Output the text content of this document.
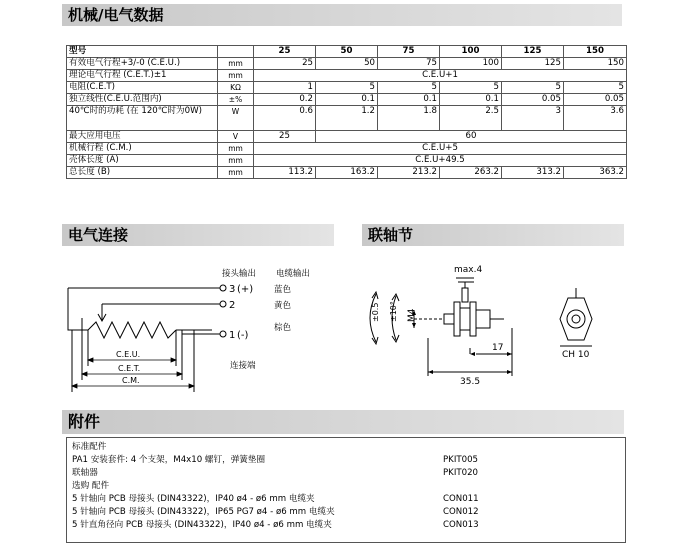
机械/电气数据
型号		25	50	75	100	125	150
有效电气行程+3/-0 (C.E.U.)	mm	25	50	75	100	125	150
理论电气行程 (C.E.T.)±1	mm	C.E.U+1					
电阻(C.E.T)	KΩ	1	5	5	5	5	5
独立线性(C.E.U.范围内)	±%	0.2	0.1	0.1	0.1	0.05	0.05
40℃时的功耗 (在 120℃时为0W)	W	0.6	1.2	1.8	2.5	3	3.6
最大应用电压	V	25	60				
机械行程 (C.M.)	mm	C.E.U+5					
壳体长度 (A)	mm	C.E.U+49.5					
总长度 (B)	mm	113.2	163.2	213.2	263.2	313.2	363.2
电气连接	联轴节
接头输出 电缆输出
3 (+) 蓝色
2	黄色
1 (-)
棕色
连接端
C.E.U.
C.E.T.
C.M.
±0.5 ±10° M4
max.4
17
35.5
CH 10
附件
标准配件
PA1 安装套件: 4 个支架，M4x10 螺钉，弹簧垫圈	PKIT005
联轴器	PKIT020
选购 配件
5 针轴向 PCB 母接头 (DIN43322)，IP40 ø4 - ø6 mm 电缆夹	CON011
5 针轴向 PCB 母接头 (DIN43322)，IP65 PG7 ø4 - ø6 mm 电缆夹	CON012
5 针直角径向 PCB 母接头 (DIN43322)，IP40 ø4 - ø6 mm 电缆夹	CON013
